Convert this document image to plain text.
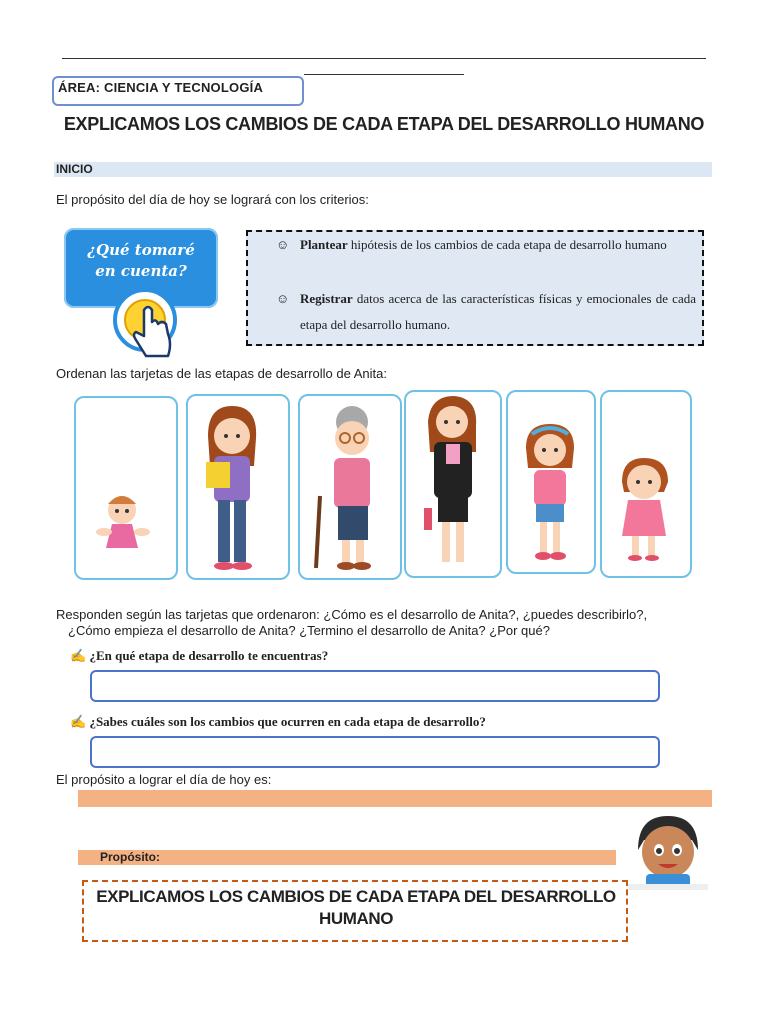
ÁREA: CIENCIA Y TECNOLOGÍA
EXPLICAMOS LOS CAMBIOS DE CADA ETAPA DEL DESARROLLO HUMANO
INICIO
El propósito del día de hoy se logrará con los criterios:
¿Qué tomaré
en cuenta?
☺ Plantear hipótesis de los cambios de cada etapa de desarrollo humano
☺ Registrar datos acerca de las características físicas y emocionales de cada etapa del desarrollo humano.
Ordenan las tarjetas de las etapas de desarrollo de Anita:
Responden según las tarjetas que ordenaron: ¿Cómo es el desarrollo de Anita?, ¿puedes describirlo?,
¿Cómo empieza el desarrollo de Anita? ¿Termino el desarrollo de Anita? ¿Por qué?
✍ ¿En qué etapa de desarrollo te encuentras?
✍ ¿Sabes cuáles son los cambios que ocurren en cada etapa de desarrollo?
El propósito a lograr el día de hoy es:
Propósito:
EXPLICAMOS LOS CAMBIOS DE CADA ETAPA DEL DESARROLLO
HUMANO
